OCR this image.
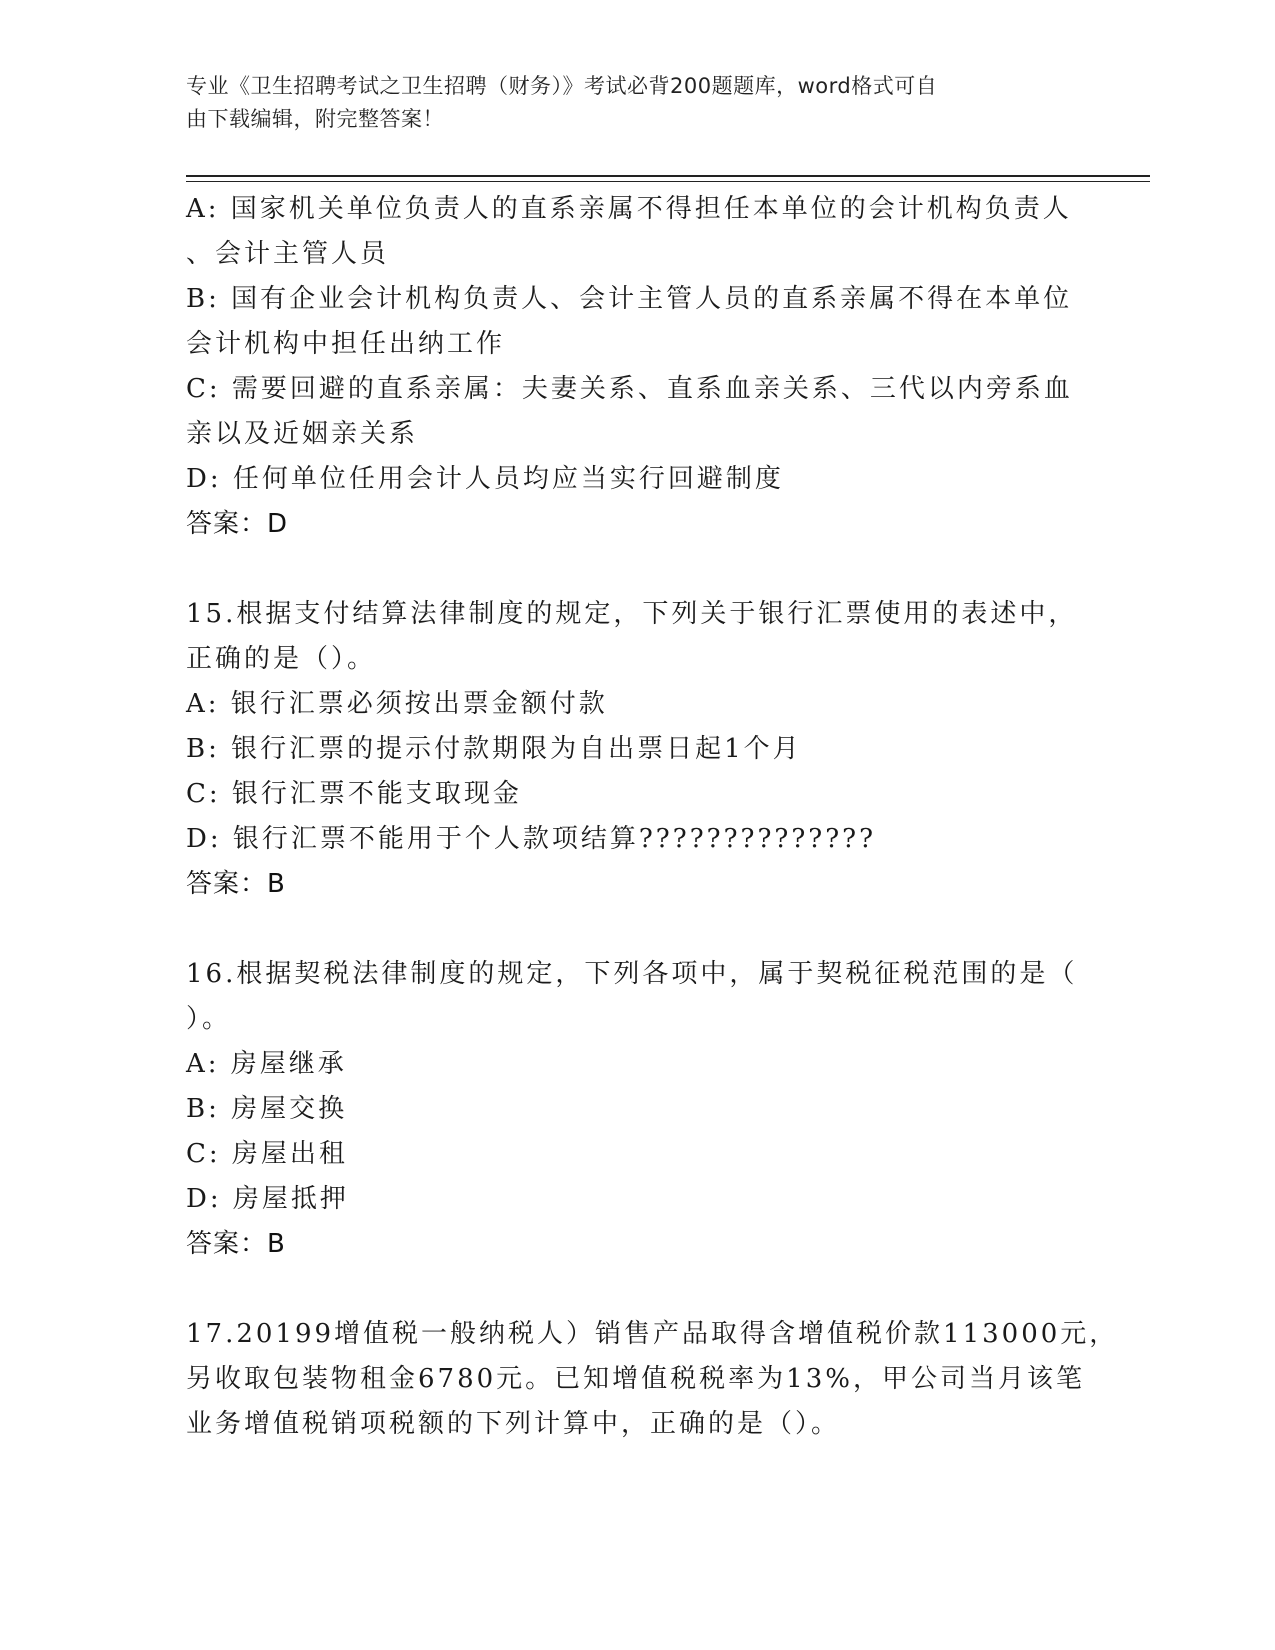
专业《卫生招聘考试之卫生招聘（财务）》考试必背200题题库，word格式可自
由下载编辑，附完整答案！
A: 国家机关单位负责人的直系亲属不得担任本单位的会计机构负责人
、会计主管人员
B: 国有企业会计机构负责人、会计主管人员的直系亲属不得在本单位
会计机构中担任出纳工作
C: 需要回避的直系亲属：夫妻关系、直系血亲关系、三代以内旁系血
亲以及近姻亲关系
D: 任何单位任用会计人员均应当实行回避制度
答案：D
15.根据支付结算法律制度的规定，下列关于银行汇票使用的表述中，
正确的是（）。
A: 银行汇票必须按出票金额付款
B: 银行汇票的提示付款期限为自出票日起1个月
C: 银行汇票不能支取现金
D: 银行汇票不能用于个人款项结算??????????????
答案：B
16.根据契税法律制度的规定，下列各项中，属于契税征税范围的是（
）。
A: 房屋继承
B: 房屋交换
C: 房屋出租
D: 房屋抵押
答案：B
17.20199增值税一般纳税人）销售产品取得含增值税价款113000元，
另收取包装物租金6780元。已知增值税税率为13%，甲公司当月该笔
业务增值税销项税额的下列计算中，正确的是（）。
